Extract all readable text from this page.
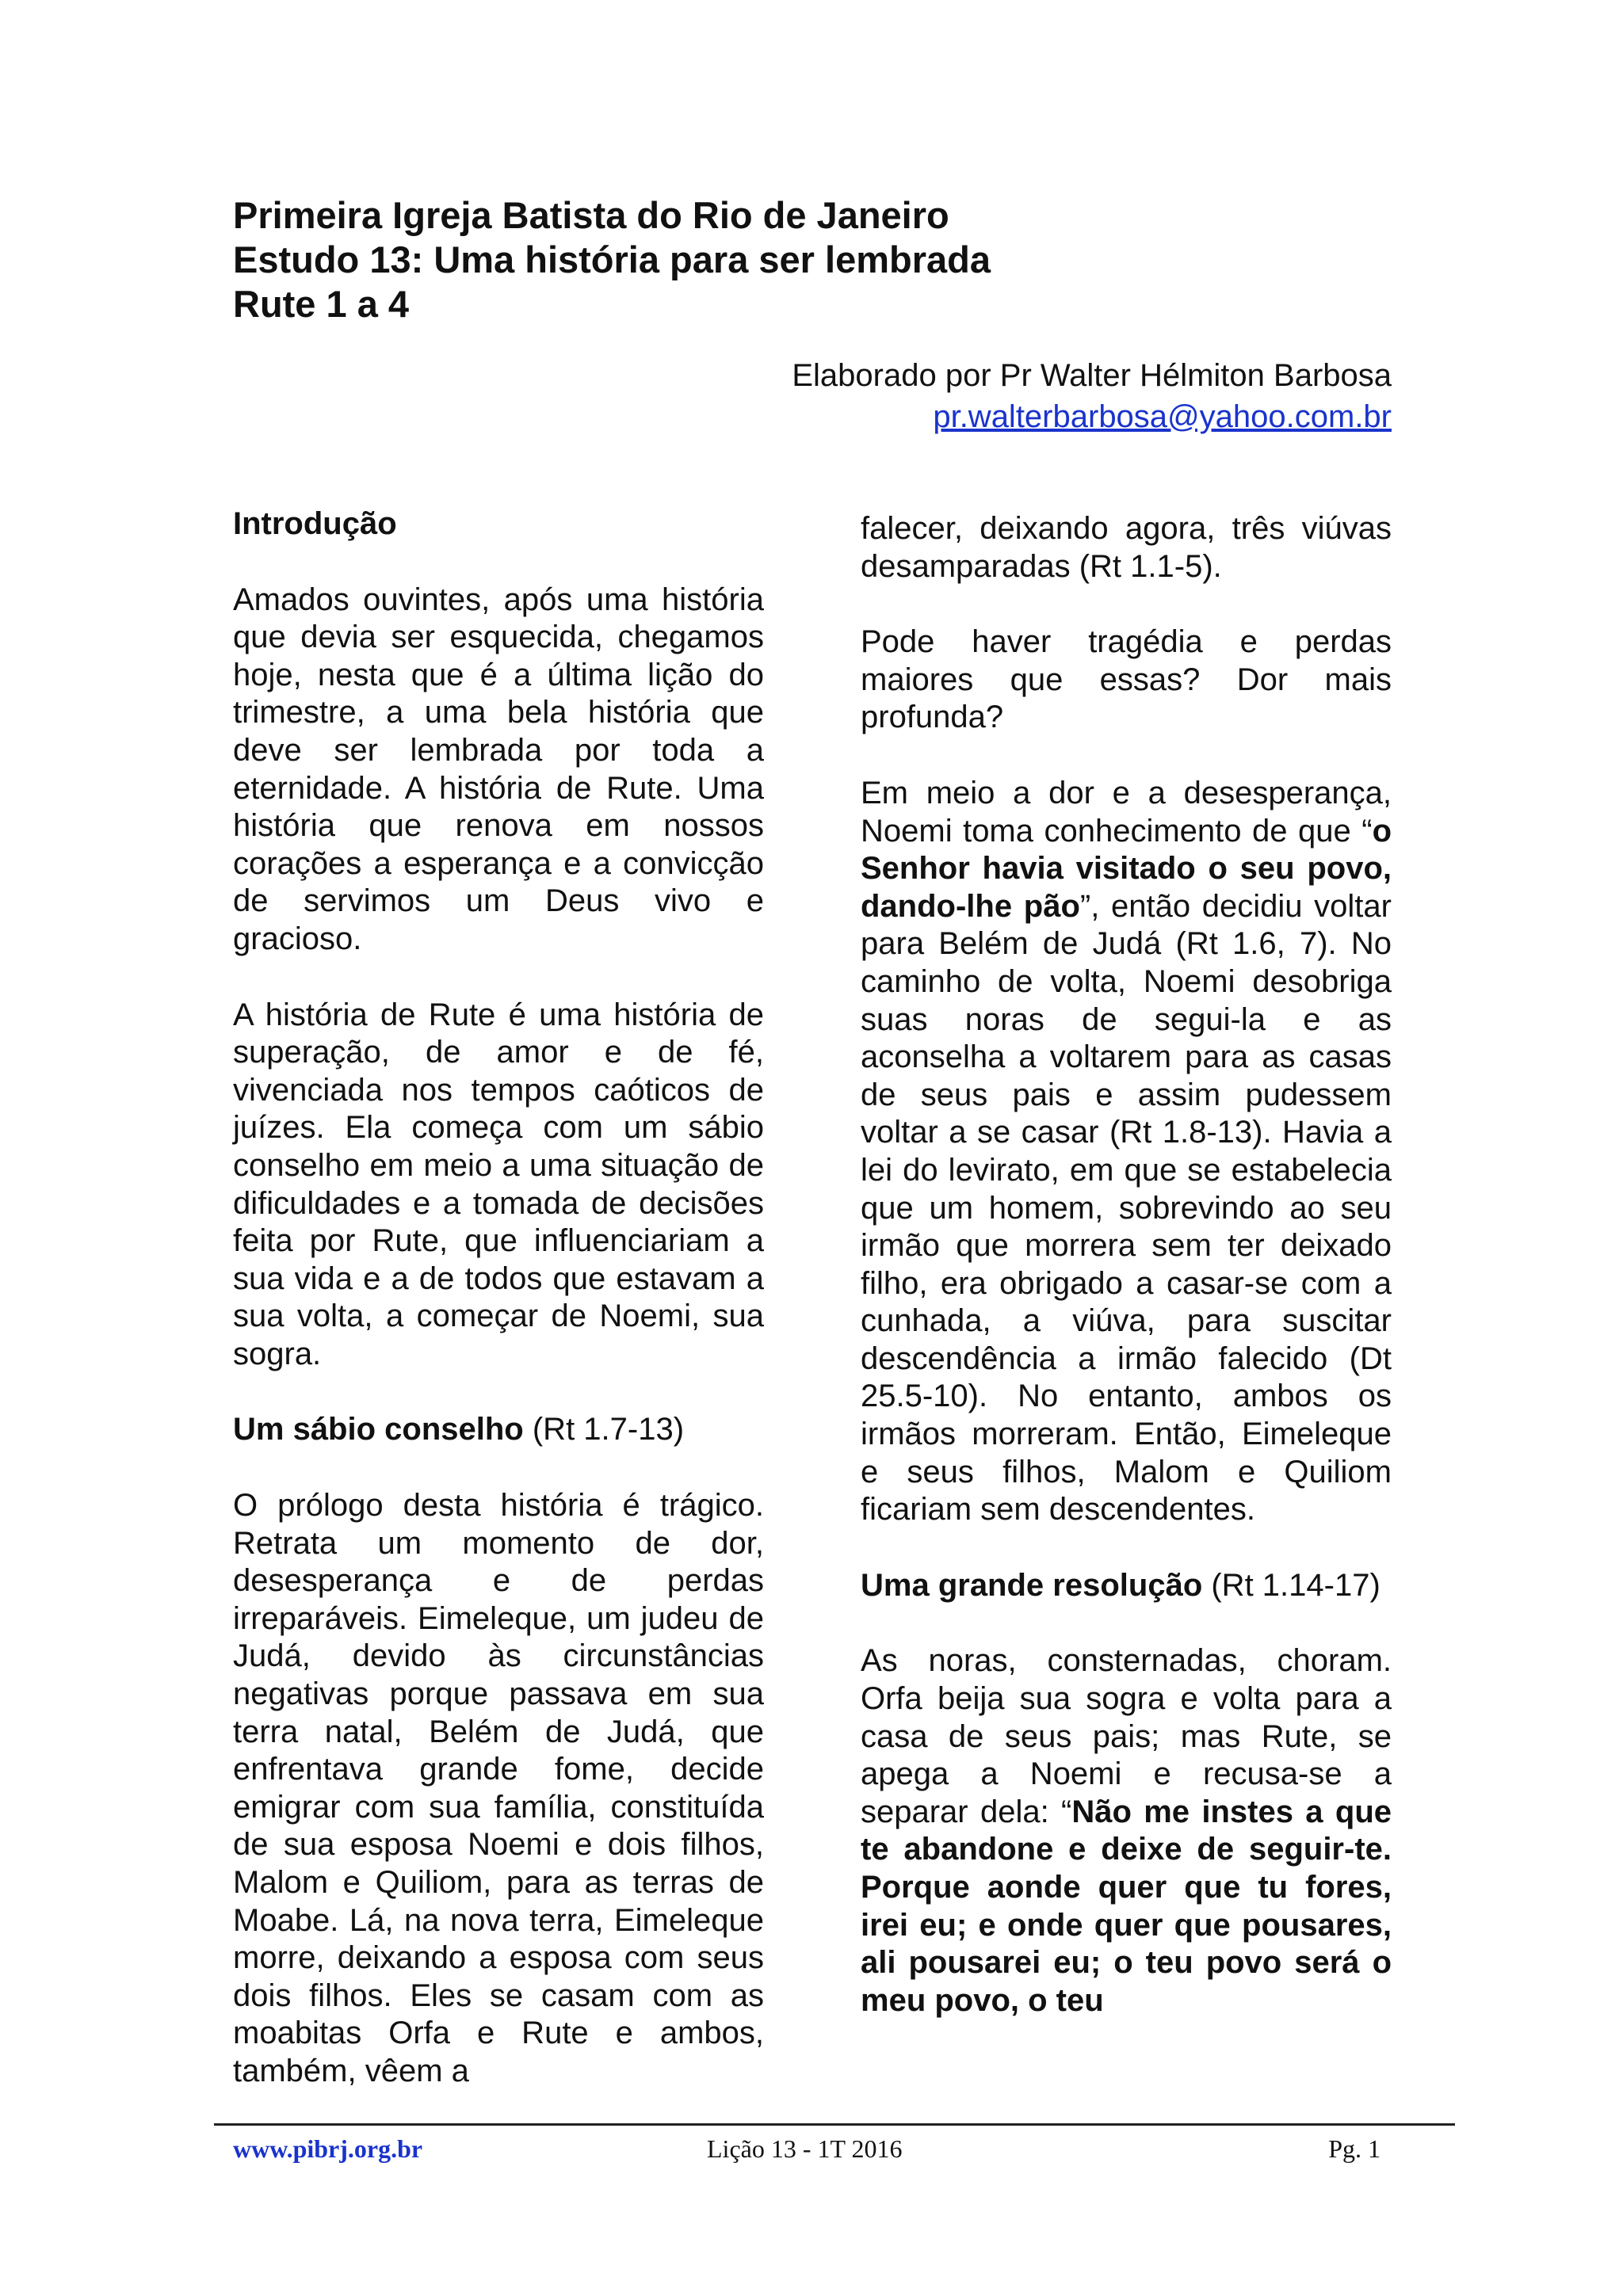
Primeira Igreja Batista do Rio de Janeiro
Estudo 13: Uma história para ser lembrada
Rute 1 a 4
Elaborado por Pr Walter Hélmiton Barbosa
pr.walterbarbosa@yahoo.com.br
Introdução

Amados ouvintes, após uma história que devia ser esquecida, chegamos hoje, nesta que é a última lição do trimestre, a uma bela história que deve ser lembrada por toda a eternidade. A história de Rute. Uma história que renova em nossos corações a esperança e a convicção de servimos um Deus vivo e gracioso.

A história de Rute é uma história de superação, de amor e de fé, vivenciada nos tempos caóticos de juízes. Ela começa com um sábio conselho em meio a uma situação de dificuldades e a tomada de decisões feita por Rute, que influenciariam a sua vida e a de todos que estavam a sua volta, a começar de Noemi, sua sogra.

Um sábio conselho (Rt 1.7-13)

O prólogo desta história é trágico. Retrata um momento de dor, desesperança e de perdas irreparáveis. Eimeleque, um judeu de Judá, devido às circunstâncias negativas porque passava em sua terra natal, Belém de Judá, que enfrentava grande fome, decide emigrar com sua família, constituída de sua esposa Noemi e dois filhos, Malom e Quiliom, para as terras de Moabe. Lá, na nova terra, Eimeleque morre, deixando a esposa com seus dois filhos. Eles se casam com as moabitas Orfa e Rute e ambos, também, vêem a

falecer, deixando agora, três viúvas desamparadas (Rt 1.1-5).

Pode haver tragédia e perdas maiores que essas? Dor mais profunda?

Em meio a dor e a desesperança, Noemi toma conhecimento de que “o Senhor havia visitado o seu povo, dando-lhe pão”, então decidiu voltar para Belém de Judá (Rt 1.6, 7). No caminho de volta, Noemi desobriga suas noras de segui-la e as aconselha a voltarem para as casas de seus pais e assim pudessem voltar a se casar (Rt 1.8-13). Havia a lei do levirato, em que se estabelecia que um homem, sobrevindo ao seu irmão que morrera sem ter deixado filho, era obrigado a casar-se com a cunhada, a viúva, para suscitar descendência a irmão falecido (Dt 25.5-10). No entanto, ambos os irmãos morreram. Então, Eimeleque e seus filhos, Malom e Quiliom ficariam sem descendentes.

Uma grande resolução (Rt 1.14-17)

As noras, consternadas, choram. Orfa beija sua sogra e volta para a casa de seus pais; mas Rute, se apega a Noemi e recusa-se a separar dela: “Não me instes a que te abandone e deixe de seguir-te. Porque aonde quer que tu fores, irei eu; e onde quer que pousares, ali pousarei eu; o teu povo será o meu povo, o teu

www.pibrj.org.br	Lição 13 - 1T 2016	Pg. 1
